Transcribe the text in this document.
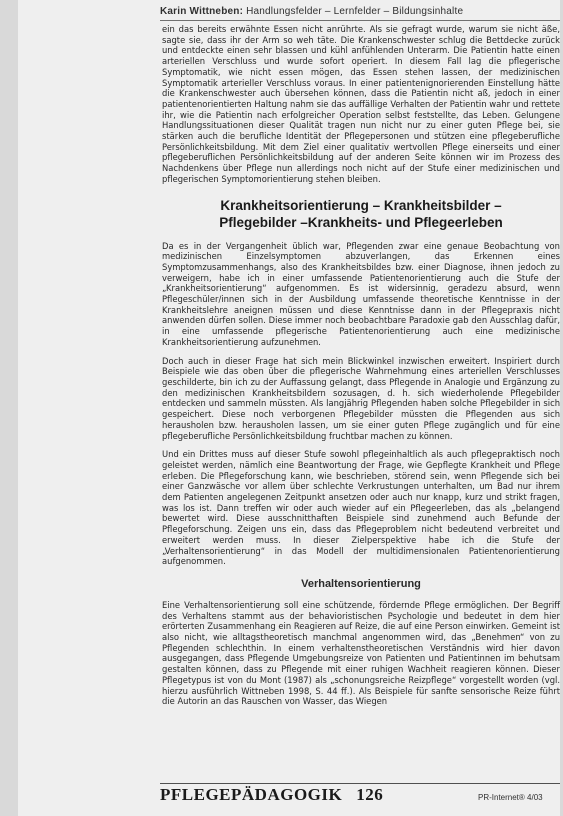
Karin Wittneben: Handlungsfelder – Lernfelder – Bildungsinhalte

ein das bereits erwähnte Essen nicht anrührte. Als sie gefragt wurde, warum sie nicht äße, sagte sie, dass ihr der Arm so weh täte. Die Krankenschwester schlug die Bettdecke zurück und entdeckte einen sehr blassen und kühl anfühlenden Unterarm. Die Patientin hatte einen arteriellen Verschluss und wurde sofort operiert. In diesem Fall lag die pflegerische Symptomatik, wie nicht essen mögen, das Essen stehen lassen, der medizinischen Symptomatik arterieller Verschluss voraus. In einer patientenignorierenden Einstellung hätte die Krankenschwester auch übersehen können, dass die Patientin nicht aß, jedoch in einer patientenorientierten Haltung nahm sie das auffällige Verhalten der Patientin wahr und rettete ihr, wie die Patientin nach erfolgreicher Operation selbst feststellte, das Leben. Gelungene Handlungssituationen dieser Qualität tragen nun nicht nur zu einer guten Pflege bei, sie stärken auch die berufliche Identität der Pflegepersonen und stützen eine pflegeberufliche Persönlichkeitsbildung. Mit dem Ziel einer qualitativ wertvollen Pflege einerseits und einer pflegeberuflichen Persönlichkeitsbildung auf der anderen Seite können wir im Prozess des Nachdenkens über Pflege nun allerdings noch nicht auf der Stufe einer medizinischen und pflegerischen Symptomorientierung stehen bleiben.

Krankheitsorientierung – Krankheitsbilder –
Pflegebilder –Krankheits- und Pflegeerleben

Da es in der Vergangenheit üblich war, Pflegenden zwar eine genaue Beobachtung von medizinischen Einzelsymptomen abzuverlangen, das Erkennen eines Symptomzusammenhangs, also des Krankheitsbildes bzw. einer Diagnose, ihnen jedoch zu verweigern, habe ich in einer umfassende Patientenorientierung auch die Stufe der „Krankheitsorientierung“ aufgenommen. Es ist widersinnig, geradezu absurd, wenn Pflegeschüler/innen sich in der Ausbildung umfassende theoretische Kenntnisse in der Krankheitslehre aneignen müssen und diese Kenntnisse dann in der Pflegepraxis nicht anwenden dürfen sollen. Diese immer noch beobachtbare Paradoxie gab den Ausschlag dafür, in eine umfassende pflegerische Patientenorientierung auch eine medizinische Krankheitsorientierung aufzunehmen.

Doch auch in dieser Frage hat sich mein Blickwinkel inzwischen erweitert. Inspiriert durch Beispiele wie das oben über die pflegerische Wahrnehmung eines arteriellen Verschlusses geschilderte, bin ich zu der Auffassung gelangt, dass Pflegende in Analogie und Ergänzung zu den medizinischen Krankheitsbildern sozusagen, d. h. sich wiederholende Pflegebilder entdecken und sammeln müssten. Als langjährig Pflegenden haben solche Pflegebilder in sich gespeichert. Diese noch verborgenen Pflegebilder müssten die Pflegenden aus sich herausholen bzw. herausholen lassen, um sie einer guten Pflege zugänglich und für eine pflegeberufliche Persönlichkeitsbildung fruchtbar machen zu können.

Und ein Drittes muss auf dieser Stufe sowohl pflegeinhaltlich als auch pflegepraktisch noch geleistet werden, nämlich eine Beantwortung der Frage, wie Gepflegte Krankheit und Pflege erleben. Die Pflegeforschung kann, wie beschrieben, störend sein, wenn Pflegende sich bei einer Ganzwäsche vor allem über schlechte Verkrustungen unterhalten, um Bad nur ihrem dem Patienten angelegenen Zeitpunkt ansetzen oder auch nur knapp, kurz und strikt fragen, was los ist. Dann treffen wir oder auch wieder auf ein Pflegeerleben, das als „belangend bewertet wird. Diese ausschnitthaften Beispiele sind zunehmend auch Befunde der Pflegeforschung. Zeigen uns ein, dass das Pflegeproblem nicht bedeutend verbreitet und erweitert werden muss. In dieser Zielperspektive habe ich die Stufe der „Verhaltensorientierung“ in das Modell der multidimensionalen Patientenorientierung aufgenommen.

Verhaltensorientierung

Eine Verhaltensorientierung soll eine schützende, fördernde Pflege ermöglichen. Der Begriff des Verhaltens stammt aus der behavioristischen Psychologie und bedeutet in dem hier erörterten Zusammenhang ein Reagieren auf Reize, die auf eine Person einwirken. Gemeint ist also nicht, wie alltagstheoretisch manchmal angenommen wird, das „Benehmen“ von zu Pflegenden schlechthin. In einem verhaltenstheoretischen Verständnis wird hier davon ausgegangen, dass Pflegende Umgebungsreize von Patienten und Patientinnen im behutsam gestalten können, dass zu Pflegende mit einer ruhigen Wachheit reagieren können. Dieser Pflegetypus ist von du Mont (1987) als „schonungsreiche Reizpflege“ vorgestellt worden (vgl. hierzu ausführlich Wittneben 1998, S. 44 ff.). Als Beispiele für sanfte sensorische Reize führt die Autorin an das Rauschen von Wasser, das Wiegen

PFLEGEPÄDAGOGIK 126	PR-Internet® 4/03
